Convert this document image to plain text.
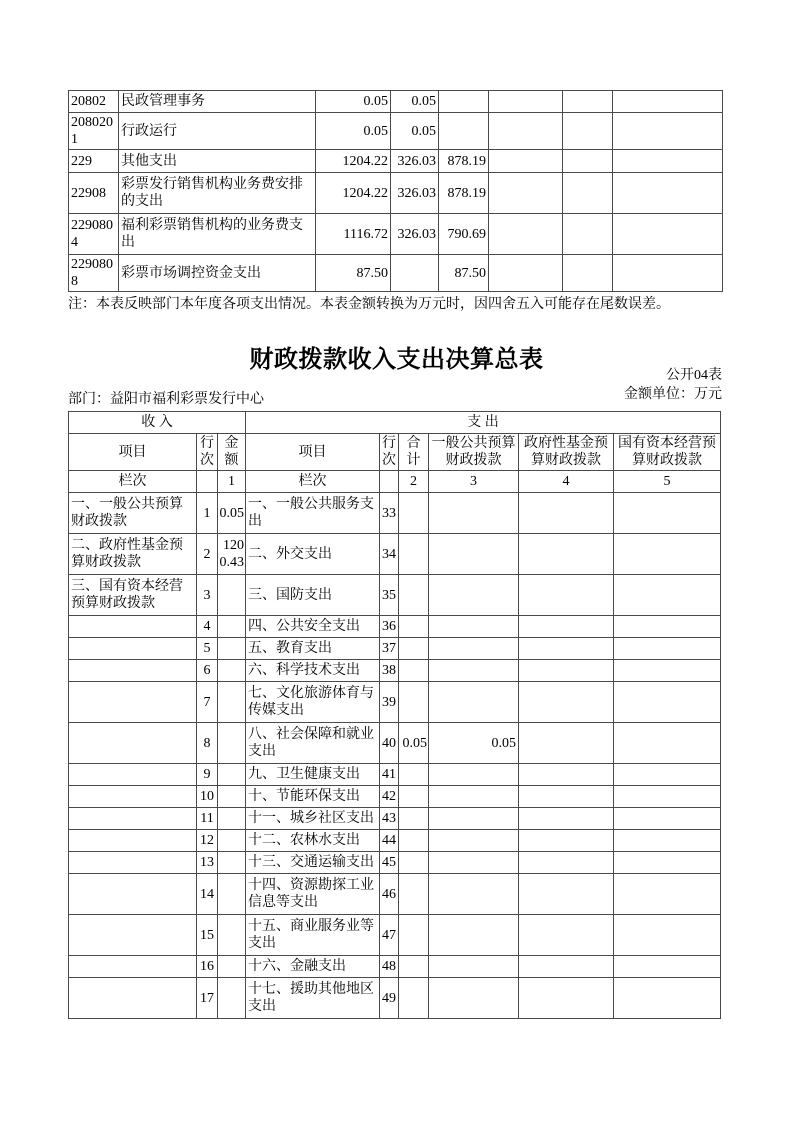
20802	民政管理事务	0.05	0.05				
2080201	行政运行	0.05	0.05				
229	其他支出	1204.22	326.03	878.19			
22908	彩票发行销售机构业务费安排的支出	1204.22	326.03	878.19			
2290804	福利彩票销售机构的业务费支出	1116.72	326.03	790.69			
2290808	彩票市场调控资金支出	87.50		87.50			
注：本表反映部门本年度各项支出情况。本表金额转换为万元时，因四舍五入可能存在尾数误差。
财政拨款收入支出决算总表
公开04表
金额单位：万元
部门：益阳市福利彩票发行中心
收 入			支 出					
项目	行次	金额	项目	行次	合计	一般公共预算财政拨款	政府性基金预算财政拨款	国有资本经营预算财政拨款
栏次		1	栏次		2	3	4	5
一、一般公共预算财政拨款	1	0.05	一、一般公共服务支出	33				
二、政府性基金预算财政拨款	2	1200.43	二、外交支出	34				
三、国有资本经营预算财政拨款	3		三、国防支出	35				
	4		四、公共安全支出	36				
	5		五、教育支出	37				
	6		六、科学技术支出	38				
	7		七、文化旅游体育与传媒支出	39				
	8		八、社会保障和就业支出	40	0.05	0.05		
	9		九、卫生健康支出	41				
	10		十、节能环保支出	42				
	11		十一、城乡社区支出	43				
	12		十二、农林水支出	44				
	13		十三、交通运输支出	45				
	14		十四、资源勘探工业信息等支出	46				
	15		十五、商业服务业等支出	47				
	16		十六、金融支出	48				
	17		十七、援助其他地区支出	49				
